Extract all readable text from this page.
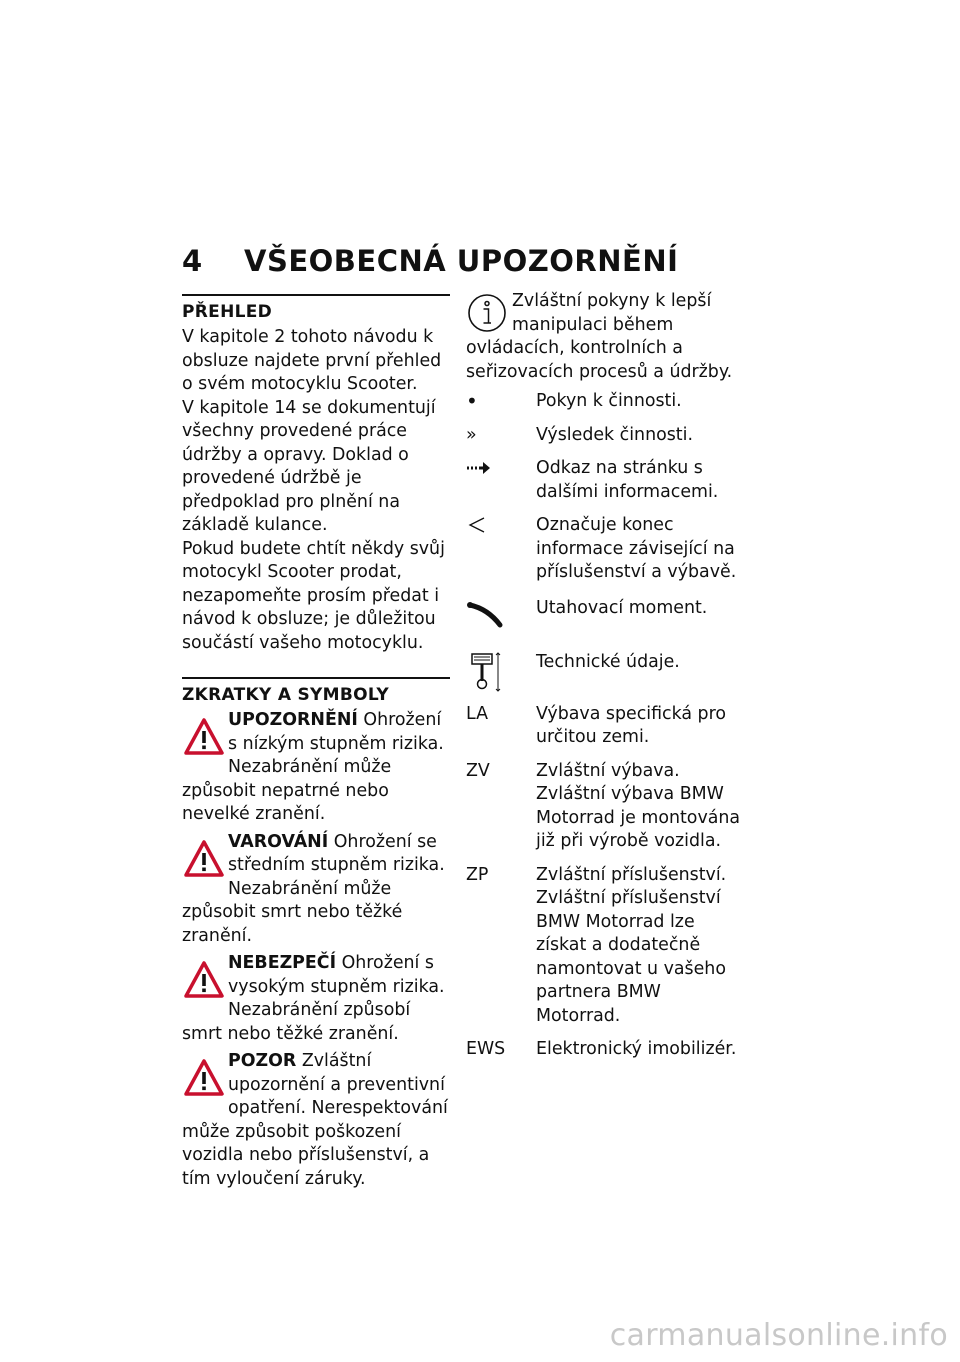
4 VŠEOBECNÁ UPOZORNĚNÍ
PŘEHLED

V kapitole 2 tohoto návodu k obsluze najdete první přehled o svém motocyklu Scooter.

V kapitole 14 se dokumentují všechny provedené práce údržby a opravy. Doklad o provedené údržbě je předpoklad pro plnění na základě kulance.

Pokud budete chtít někdy svůj motocykl Scooter prodat, nezapomeňte prosím předat i návod k obsluze; je důležitou součástí vašeho motocyklu.

ZKRATKY A SYMBOLY
UPOZORNĚNÍ Ohrožení s nízkým stupněm rizika. Nezabránění může způsobit nepatrné nebo nevelké zranění.
VAROVÁNÍ Ohrožení se středním stupněm rizika. Nezabránění může způsobit smrt nebo těžké zranění.
NEBEZPEČÍ Ohrožení s vysokým stupněm rizika. Nezabránění způsobí smrt nebo těžké zranění.
POZOR Zvláštní upozornění a preventivní opatření. Nerespektování může způsobit poškození vozidla nebo příslušenství, a tím vyloučení záruky.
Zvláštní pokyny k lepší manipulaci během ovládacích, kontrolních a seřizovacích procesů a údržby.
•	Pokyn k činnosti.
»	Výsledek činnosti.
Odkaz na stránku s dalšími informacemi.
Označuje konec informace závisející na příslušenství a výbavě.
Utahovací moment.
Technické údaje.
LA	Výbava specifická pro určitou zemi.
ZV	Zvláštní výbava. Zvláštní výbava BMW Motorrad je montována již při výrobě vozidla.
ZP	Zvláštní příslušenství. Zvláštní příslušenství BMW Motorrad lze získat a dodatečně namontovat u vašeho partnera BMW Motorrad.
EWS	Elektronický imobilizér.
carmanualsonline.info
